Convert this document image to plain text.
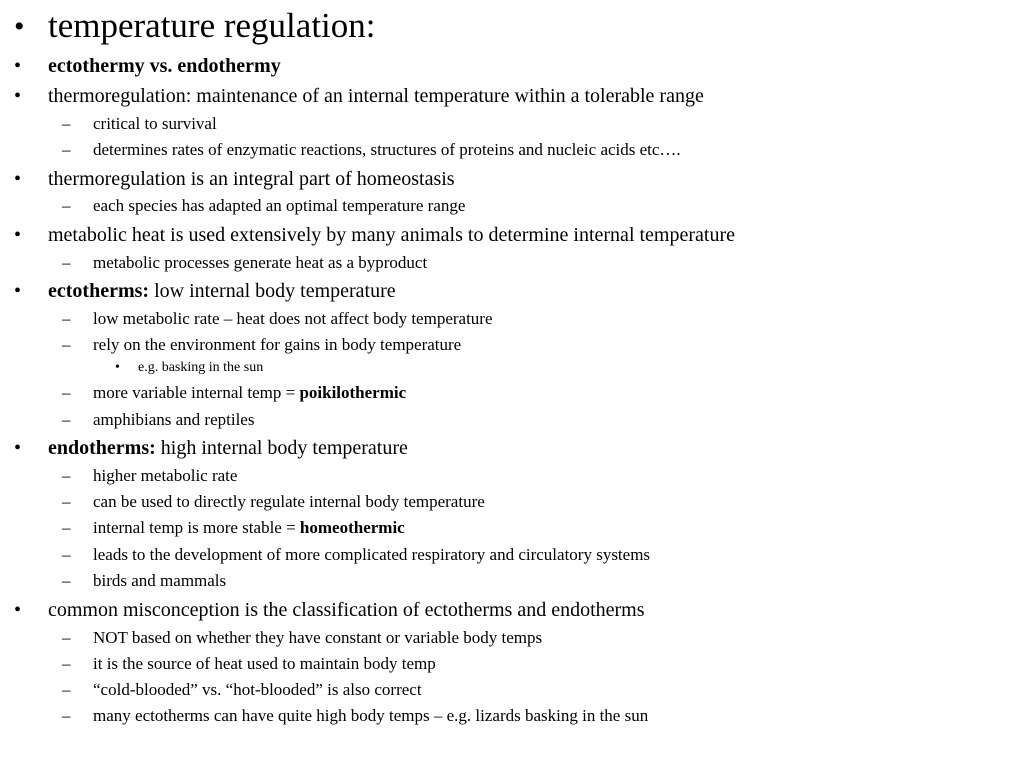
• temperature regulation:
• ectothermy vs. endothermy
• thermoregulation: maintenance of an internal temperature within a tolerable range
– critical to survival
– determines rates of enzymatic reactions, structures of proteins and nucleic acids etc….
• thermoregulation is an integral part of homeostasis
– each species has adapted an optimal temperature range
• metabolic heat is used extensively by many animals to determine internal temperature
– metabolic processes generate heat as a byproduct
• ectotherms: low internal body temperature
– low metabolic rate – heat does not affect body temperature
– rely on the environment for gains in body temperature
• e.g. basking in the sun
– more variable internal temp = poikilothermic
– amphibians and reptiles
• endotherms: high internal body temperature
– higher metabolic rate
– can be used to directly regulate internal body temperature
– internal temp is more stable = homeothermic
– leads to the development of more complicated respiratory and circulatory systems
– birds and mammals
• common misconception is the classification of ectotherms and endotherms
– NOT based on whether they have constant or variable body temps
– it is the source of heat used to maintain body temp
– “cold-blooded” vs. “hot-blooded” is also correct
– many ectotherms can have quite high body temps – e.g. lizards basking in the sun
